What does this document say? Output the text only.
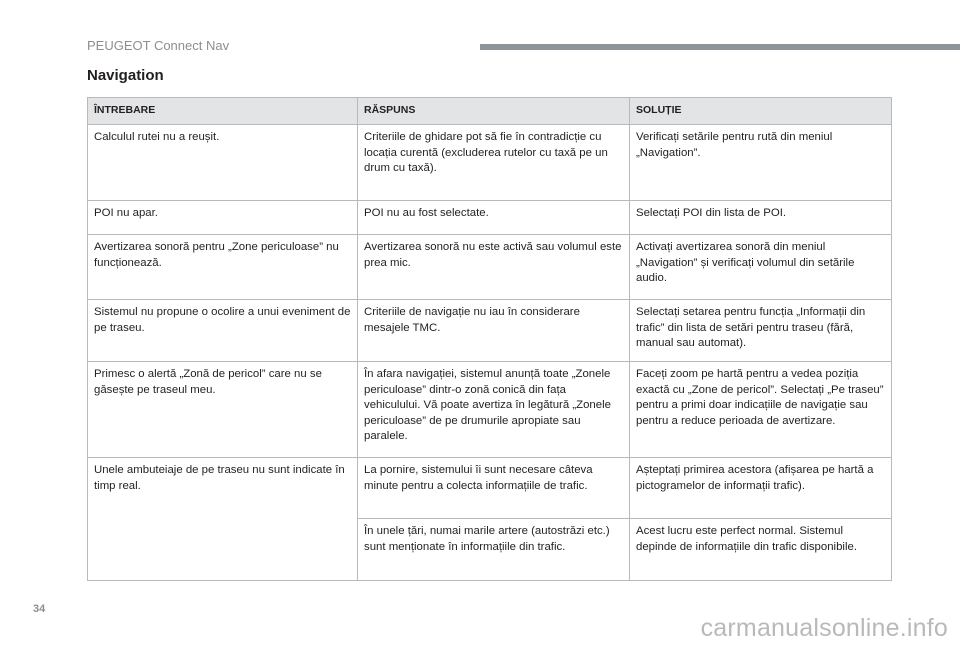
PEUGEOT Connect Nav
Navigation
ÎNTREBARE	RĂSPUNS	SOLUȚIE
Calculul rutei nu a reușit.	Criteriile de ghidare pot să fie în contradicție cu locația curentă (excluderea rutelor cu taxă pe un drum cu taxă).	Verificați setările pentru rută din meniul „Navigation”.
POI nu apar.	POI nu au fost selectate.	Selectați POI din lista de POI.
Avertizarea sonoră pentru „Zone periculoase” nu funcționează.	Avertizarea sonoră nu este activă sau volumul este prea mic.	Activați avertizarea sonoră din meniul „Navigation” și verificați volumul din setările audio.
Sistemul nu propune o ocolire a unui eveniment de pe traseu.	Criteriile de navigație nu iau în considerare mesajele TMC.	Selectați setarea pentru funcția „Informații din trafic” din lista de setări pentru traseu (fără, manual sau automat).
Primesc o alertă „Zonă de pericol” care nu se găsește pe traseul meu.	În afara navigației, sistemul anunță toate „Zonele periculoase” dintr-o zonă conică din fața vehiculului. Vă poate avertiza în legătură „Zonele periculoase” de pe drumurile apropiate sau paralele.	Faceți zoom pe hartă pentru a vedea poziția exactă cu „Zone de pericol”. Selectați „Pe traseu” pentru a primi doar indicațiile de navigație sau pentru a reduce perioada de avertizare.
Unele ambuteiaje de pe traseu nu sunt indicate în timp real.	La pornire, sistemului îi sunt necesare câteva minute pentru a colecta informațiile de trafic.	Așteptați primirea acestora (afișarea pe hartă a pictogramelor de informații trafic).
	În unele țări, numai marile artere (autostrăzi etc.) sunt menționate în informațiile din trafic.	Acest lucru este perfect normal. Sistemul depinde de informațiile din trafic disponibile.
34
carmanualsonline.info
